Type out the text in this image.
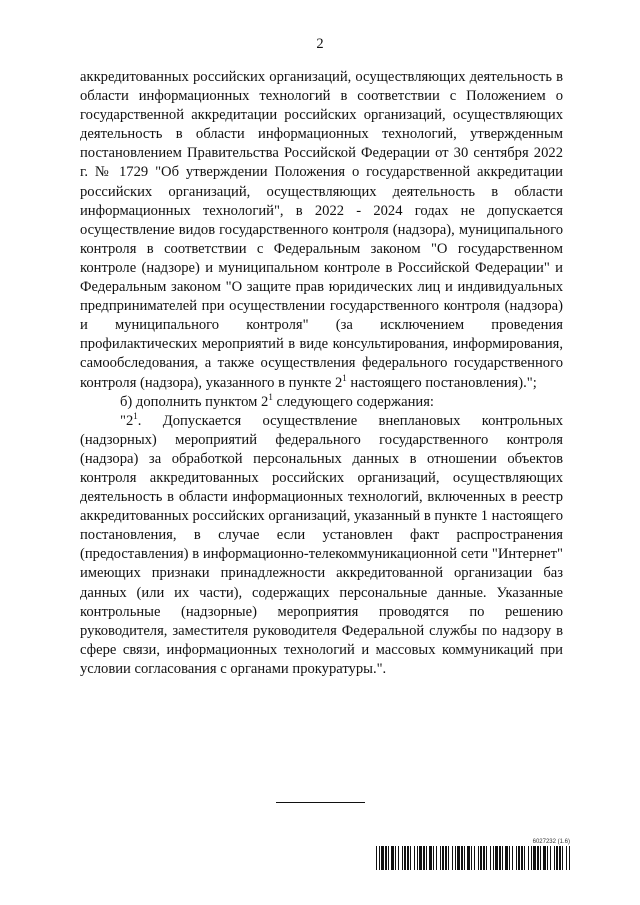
2

аккредитованных российских организаций, осуществляющих деятельность в области информационных технологий в соответствии с Положением о государственной аккредитации российских организаций, осуществляющих деятельность в области информационных технологий, утвержденным постановлением Правительства Российской Федерации от 30 сентября 2022 г. № 1729 "Об утверждении Положения о государственной аккредитации российских организаций, осуществляющих деятельность в области информационных технологий", в 2022 - 2024 годах не допускается осуществление видов государственного контроля (надзора), муниципального контроля в соответствии с Федеральным законом "О государственном контроле (надзоре) и муниципальном контроле в Российской Федерации" и Федеральным законом "О защите прав юридических лиц и индивидуальных предпринимателей при осуществлении государственного контроля (надзора) и муниципального контроля" (за исключением проведения профилактических мероприятий в виде консультирования, информирования, самообследования, а также осуществления федерального государственного контроля (надзора), указанного в пункте $2^1$ настоящего постановления).";

б) дополнить пунктом $2^1$ следующего содержания:

"$2^1$. Допускается осуществление внеплановых контрольных (надзорных) мероприятий федерального государственного контроля (надзора) за обработкой персональных данных в отношении объектов контроля аккредитованных российских организаций, осуществляющих деятельность в области информационных технологий, включенных в реестр аккредитованных российских организаций, указанный в пункте 1 настоящего постановления, в случае если установлен факт распространения (предоставления) в информационно-телекоммуникационной сети "Интернет" имеющих признаки принадлежности аккредитованной организации баз данных (или их части), содержащих персональные данные. Указанные контрольные (надзорные) мероприятия проводятся по решению руководителя, заместителя руководителя Федеральной службы по надзору в сфере связи, информационных технологий и массовых коммуникаций при условии согласования с органами прокуратуры.".

6027232 (1.6)
